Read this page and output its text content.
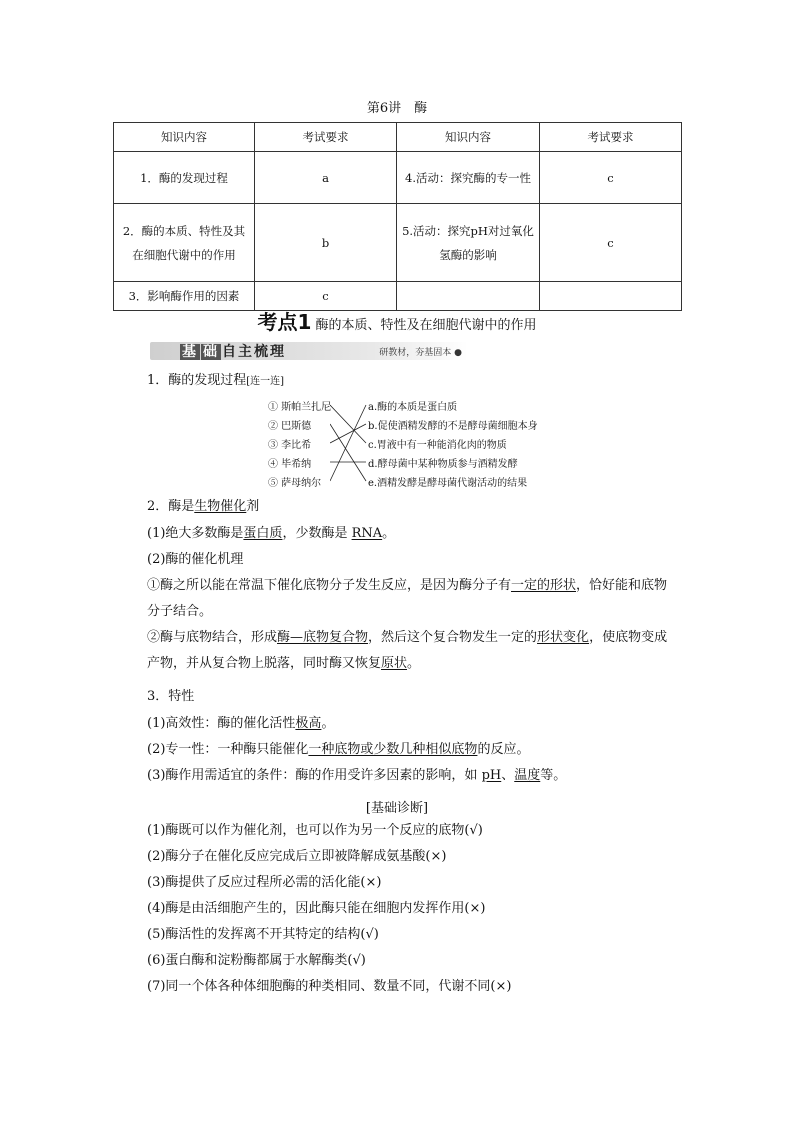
第6讲　酶
知识内容	考试要求	知识内容	考试要求
1．酶的发现过程	a	4.活动：探究酶的专一性	c
2．酶的本质、特性及其在细胞代谢中的作用	b	5.活动：探究pH对过氧化氢酶的影响	c
3．影响酶作用的因素	c		
考点1 酶的本质、特性及在细胞代谢中的作用
基 础 自主梳理	研教材，夯基固本 ●
1．酶的发现过程[连一连]
① 斯帕兰扎尼
② 巴斯德
③ 李比希
④ 毕希纳
⑤ 萨母纳尔
a.酶的本质是蛋白质
b.促使酒精发酵的不是酵母菌细胞本身
c.胃液中有一种能消化肉的物质
d.酵母菌中某种物质参与酒精发酵
e.酒精发酵是酵母菌代谢活动的结果
2．酶是生物催化剂
(1)绝大多数酶是蛋白质，少数酶是 RNA。
(2)酶的催化机理
①酶之所以能在常温下催化底物分子发生反应，是因为酶分子有一定的形状，恰好能和底物分子结合。
②酶与底物结合，形成酶—底物复合物，然后这个复合物发生一定的形状变化，使底物变成产物，并从复合物上脱落，同时酶又恢复原状。
3．特性
(1)高效性：酶的催化活性极高。
(2)专一性：一种酶只能催化一种底物或少数几种相似底物的反应。
(3)酶作用需适宜的条件：酶的作用受许多因素的影响，如 pH、温度等。
[基础诊断]
(1)酶既可以作为催化剂，也可以作为另一个反应的底物(√)
(2)酶分子在催化反应完成后立即被降解成氨基酸(×)
(3)酶提供了反应过程所必需的活化能(×)
(4)酶是由活细胞产生的，因此酶只能在细胞内发挥作用(×)
(5)酶活性的发挥离不开其特定的结构(√)
(6)蛋白酶和淀粉酶都属于水解酶类(√)
(7)同一个体各种体细胞酶的种类相同、数量不同，代谢不同(×)
